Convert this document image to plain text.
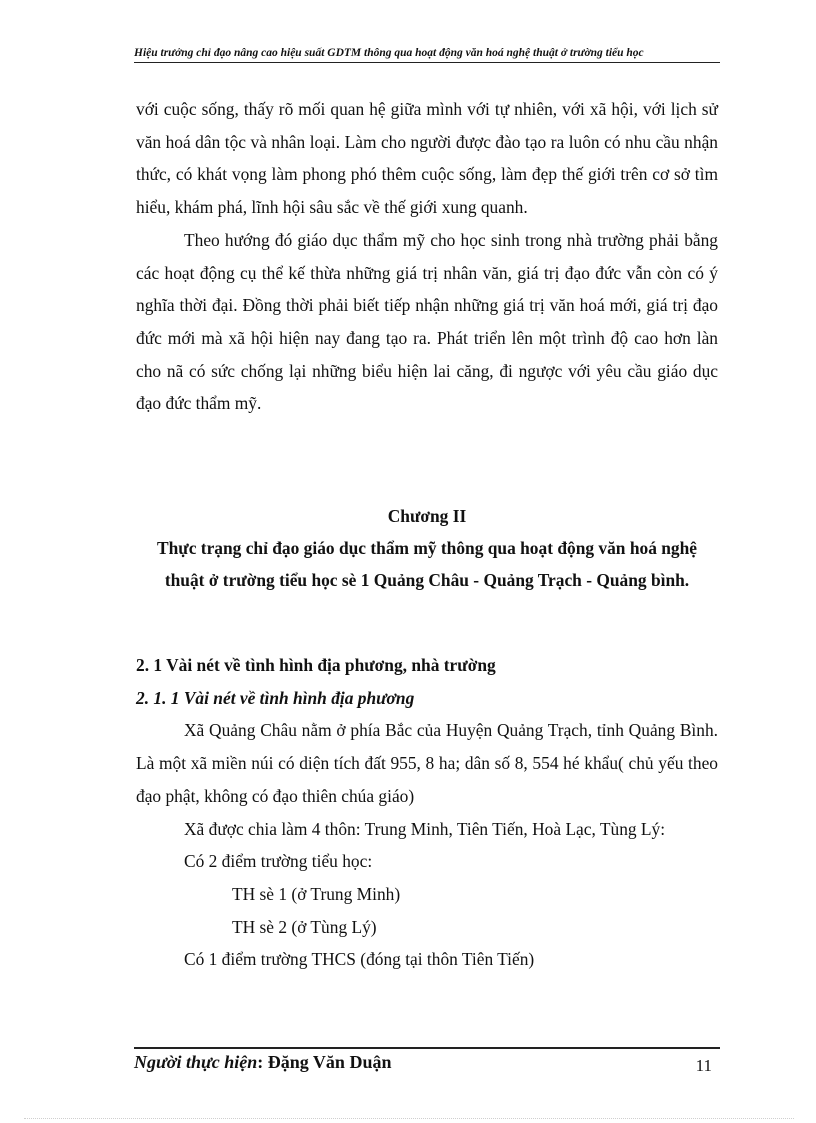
Hiệu trưởng chỉ đạo nâng cao hiệu suất GDTM thông qua hoạt động văn hoá nghệ thuật ở trường tiểu học

với cuộc sống, thấy rõ mối quan hệ giữa mình với tự nhiên, với xã hội, với lịch sử văn hoá dân tộc và nhân loại. Làm cho người được đào tạo ra luôn có nhu cầu nhận thức, có khát vọng làm phong phó thêm cuộc sống, làm đẹp thế giới trên cơ sở tìm hiểu, khám phá, lĩnh hội sâu sắc về thế giới xung quanh.

Theo hướng đó giáo dục thẩm mỹ cho học sinh trong nhà trường phải bằng các hoạt động cụ thể kế thừa những giá trị nhân văn, giá trị đạo đức vẫn còn có ý nghĩa thời đại. Đồng thời phải biết tiếp nhận những giá trị văn hoá mới, giá trị đạo đức mới mà xã hội hiện nay đang tạo ra. Phát triển lên một trình độ cao hơn làn cho nã có sức chống lại những biểu hiện lai căng, đi ngược với yêu cầu giáo dục đạo đức thẩm mỹ.

Chương II

Thực trạng chỉ đạo giáo dục thẩm mỹ thông qua hoạt động văn hoá nghệ thuật ở trường tiểu học sè 1 Quảng Châu - Quảng Trạch - Quảng bình.

2. 1 Vài nét về tình hình địa phương, nhà trường

2. 1. 1 Vài nét về tình hình địa phương

Xã Quảng Châu nằm ở phía Bắc của Huyện Quảng Trạch, tỉnh Quảng Bình. Là một xã miền núi có diện tích đất 955, 8 ha; dân số 8, 554 hé khẩu( chủ yếu theo đạo phật, không có đạo thiên chúa giáo)

Xã được chia làm 4 thôn: Trung Minh, Tiên Tiến, Hoà Lạc, Tùng Lý:

Có 2 điểm trường tiểu học:

TH sè 1 (ở Trung Minh)

TH sè 2 (ở Tùng Lý)

Có 1 điểm trường THCS (đóng tại thôn Tiên Tiến)

Người thực hiện: Đặng Văn Duận	11
